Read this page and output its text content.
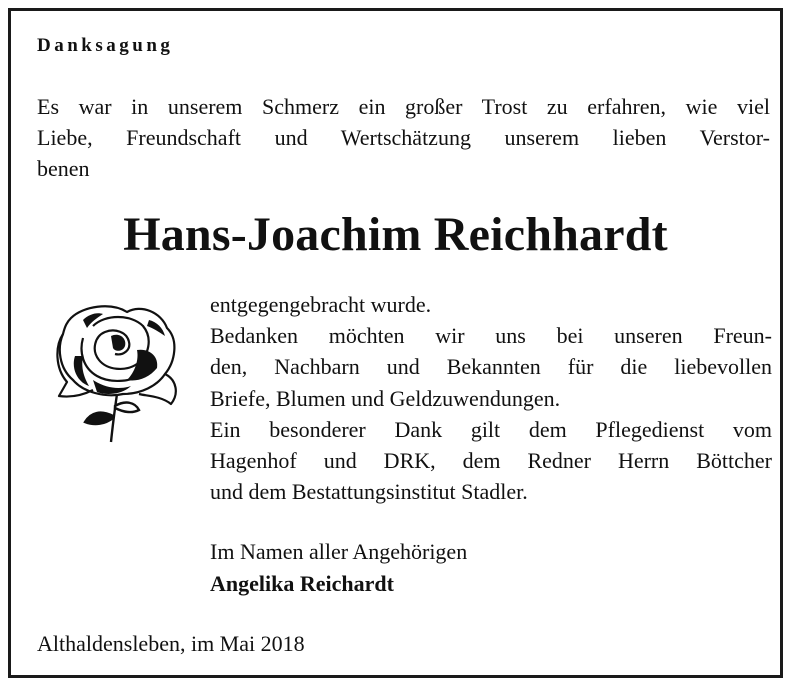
Danksagung
Es war in unserem Schmerz ein großer Trost zu erfahren, wie viel
Liebe, Freundschaft und Wertschätzung unserem lieben Verstor-
benen
Hans-Joachim Reichhardt
entgegengebracht wurde.
Bedanken möchten wir uns bei unseren Freun-
den, Nachbarn und Bekannten für die liebevollen
Briefe, Blumen und Geldzuwendungen.
Ein besonderer Dank gilt dem Pflegedienst vom
Hagenhof und DRK, dem Redner Herrn Böttcher
und dem Bestattungsinstitut Stadler.
Im Namen aller Angehörigen
Angelika Reichardt
Althaldensleben, im Mai 2018
